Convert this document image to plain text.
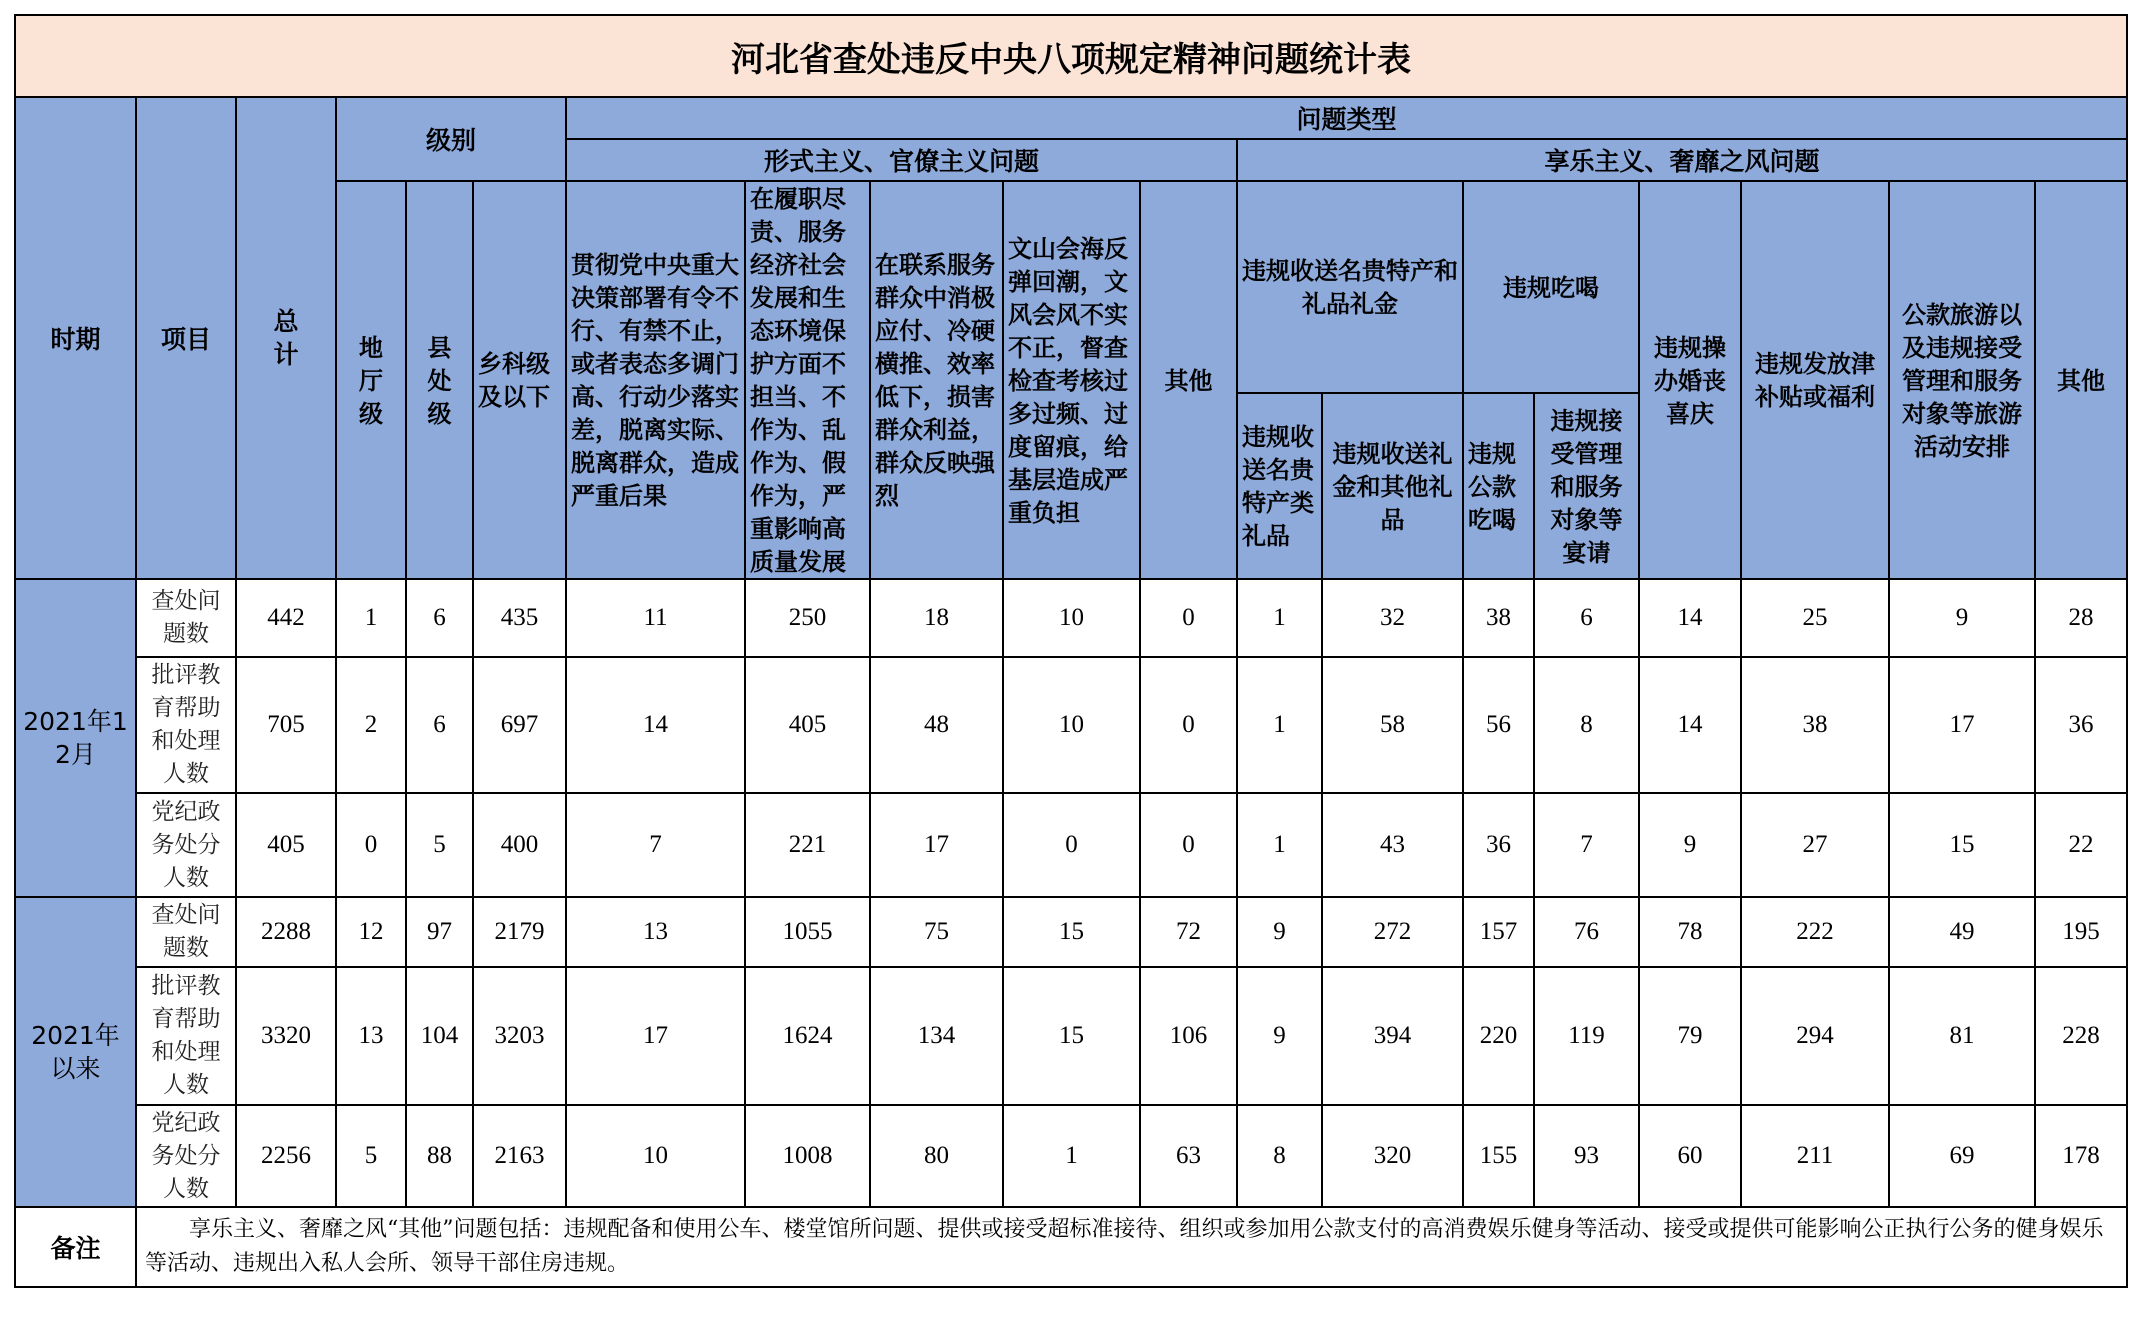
河北省查处违反中央八项规定精神问题统计表																		
时期	项目	总计	级别			问题类型												
						形式主义、官僚主义问题					享乐主义、奢靡之风问题							
			地厅级	县处级	乡科级及以下	贯彻党中央重大决策部署有令不行、有禁不止，或者表态多调门高、行动少落实差，脱离实际、脱离群众，造成严重后果	在履职尽责、服务经济社会发展和生态环境保护方面不担当、不作为、乱作为、假作为，严重影响高质量发展	在联系服务群众中消极应付、冷硬横推、效率低下，损害群众利益，群众反映强烈	文山会海反弹回潮，文风会风不实不正，督查检查考核过多过频、过度留痕，给基层造成严重负担	其他	违规收送名贵特产和礼品礼金		违规吃喝		违规操办婚丧喜庆	违规发放津补贴或福利	公款旅游以及违规接受管理和服务对象等旅游活动安排	其他

											违规收送名贵特产类礼品	违规收送礼金和其他礼品	违规公款吃喝	违规接受管理和服务对象等宴请				

2021年12月	查处问题数	442	1	6	435	11	250	18	10	0	1	32	38	6	14	25	9	28

	批评教育帮助和处理人数	705	2	6	697	14	405	48	10	0	1	58	56	8	14	38	17	36

	党纪政务处分人数	405	0	5	400	7	221	17	0	0	1	43	36	7	9	27	15	22
2021年以来	查处问题数	2288	12	97	2179	13	1055	75	15	72	9	272	157	76	78	222	49	195

	批评教育帮助和处理人数	3320	13	104	3203	17	1624	134	15	106	9	394	220	119	79	294	81	228

	党纪政务处分人数	2256	5	88	2163	10	1008	80	1	63	8	320	155	93	60	211	69	178
备注	享乐主义、奢靡之风“其他”问题包括：违规配备和使用公车、楼堂馆所问题、提供或接受超标准接待、组织或参加用公款支付的高消费娱乐健身等活动、接受或提供可能影响公正执行公务的健身娱乐等活动、违规出入私人会所、领导干部住房违规。																	
